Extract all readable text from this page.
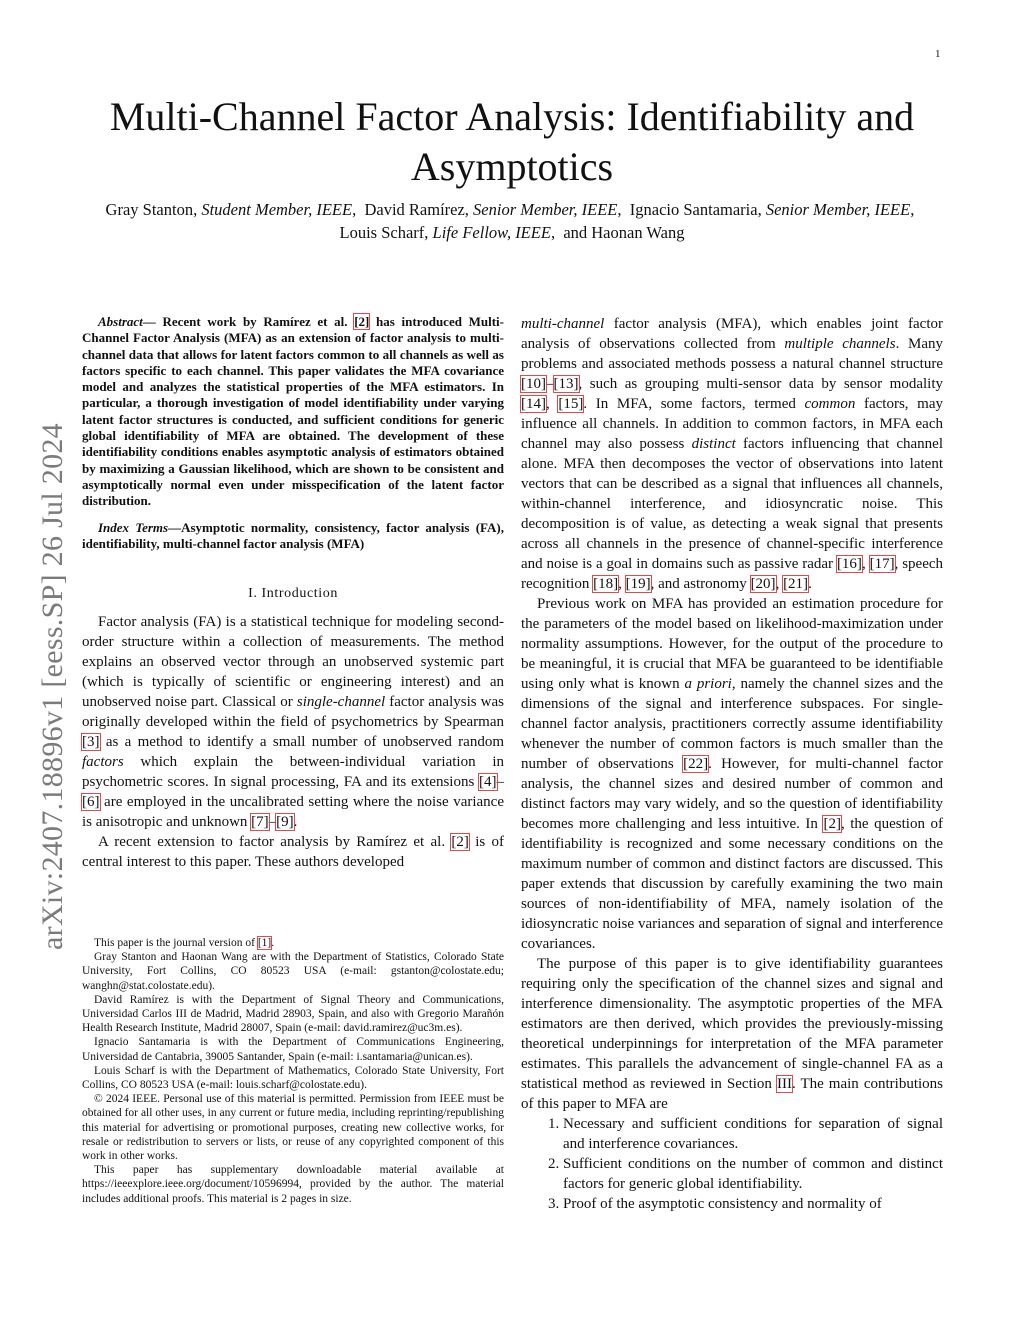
1
arXiv:2407.18896v1 [eess.SP] 26 Jul 2024
Multi-Channel Factor Analysis: Identifiability and Asymptotics
Gray Stanton, Student Member, IEEE,  David Ramírez, Senior Member, IEEE,  Ignacio Santamaria, Senior Member, IEEE,  Louis Scharf, Life Fellow, IEEE,  and Haonan Wang

Abstract— Recent work by Ramírez et al. [2] has introduced Multi-Channel Factor Analysis (MFA) as an extension of factor analysis to multi-channel data that allows for latent factors common to all channels as well as factors specific to each channel. This paper validates the MFA covariance model and analyzes the statistical properties of the MFA estimators. In particular, a thorough investigation of model identifiability under varying latent factor structures is conducted, and sufficient conditions for generic global identifiability of MFA are obtained. The development of these identifiability conditions enables asymptotic analysis of estimators obtained by maximizing a Gaussian likelihood, which are shown to be consistent and asymptotically normal even under misspecification of the latent factor distribution.

Index Terms—Asymptotic normality, consistency, factor analysis (FA), identifiability, multi-channel factor analysis (MFA)

I. Introduction

Factor analysis (FA) is a statistical technique for modeling second-order structure within a collection of measurements. The method explains an observed vector through an unobserved systemic part (which is typically of scientific or engineering interest) and an unobserved noise part. Classical or single-channel factor analysis was originally developed within the field of psychometrics by Spearman [3] as a method to identify a small number of unobserved random factors which explain the between-individual variation in psychometric scores. In signal processing, FA and its extensions [4]–[6] are employed in the uncalibrated setting where the noise variance is anisotropic and unknown [7]–[9].

A recent extension to factor analysis by Ramírez et al. [2] is of central interest to this paper. These authors developed

This paper is the journal version of [1].

Gray Stanton and Haonan Wang are with the Department of Statistics, Colorado State University, Fort Collins, CO 80523 USA (e-mail: gstanton@colostate.edu; wanghn@stat.colostate.edu).

David Ramírez is with the Department of Signal Theory and Communications, Universidad Carlos III de Madrid, Madrid 28903, Spain, and also with Gregorio Marañón Health Research Institute, Madrid 28007, Spain (e-mail: david.ramirez@uc3m.es).

Ignacio Santamaria is with the Department of Communications Engineering, Universidad de Cantabria, 39005 Santander, Spain (e-mail: i.santamaria@unican.es).

Louis Scharf is with the Department of Mathematics, Colorado State University, Fort Collins, CO 80523 USA (e-mail: louis.scharf@colostate.edu).

© 2024 IEEE. Personal use of this material is permitted. Permission from IEEE must be obtained for all other uses, in any current or future media, including reprinting/republishing this material for advertising or promotional purposes, creating new collective works, for resale or redistribution to servers or lists, or reuse of any copyrighted component of this work in other works.

This paper has supplementary downloadable material available at https://ieeexplore.ieee.org/document/10596994, provided by the author. The material includes additional proofs. This material is 2 pages in size.

multi-channel factor analysis (MFA), which enables joint factor analysis of observations collected from multiple channels. Many problems and associated methods possess a natural channel structure [10]–[13], such as grouping multi-sensor data by sensor modality [14], [15]. In MFA, some factors, termed common factors, may influence all channels. In addition to common factors, in MFA each channel may also possess distinct factors influencing that channel alone. MFA then decomposes the vector of observations into latent vectors that can be described as a signal that influences all channels, within-channel interference, and idiosyncratic noise. This decomposition is of value, as detecting a weak signal that presents across all channels in the presence of channel-specific interference and noise is a goal in domains such as passive radar [16], [17], speech recognition [18], [19], and astronomy [20], [21].

Previous work on MFA has provided an estimation procedure for the parameters of the model based on likelihood-maximization under normality assumptions. However, for the output of the procedure to be meaningful, it is crucial that MFA be guaranteed to be identifiable using only what is known a priori, namely the channel sizes and the dimensions of the signal and interference subspaces. For single-channel factor analysis, practitioners correctly assume identifiability whenever the number of common factors is much smaller than the number of observations [22]. However, for multi-channel factor analysis, the channel sizes and desired number of common and distinct factors may vary widely, and so the question of identifiability becomes more challenging and less intuitive. In [2], the question of identifiability is recognized and some necessary conditions on the maximum number of common and distinct factors are discussed. This paper extends that discussion by carefully examining the two main sources of non-identifiability of MFA, namely isolation of the idiosyncratic noise variances and separation of signal and interference covariances.

The purpose of this paper is to give identifiability guarantees requiring only the specification of the channel sizes and signal and interference dimensionality. The asymptotic properties of the MFA estimators are then derived, which provides the previously-missing theoretical underpinnings for interpretation of the MFA parameter estimates. This parallels the advancement of single-channel FA as a statistical method as reviewed in Section III. The main contributions of this paper to MFA are

1. Necessary and sufficient conditions for separation of signal and interference covariances.
2. Sufficient conditions on the number of common and distinct factors for generic global identifiability.
3. Proof of the asymptotic consistency and normality of
